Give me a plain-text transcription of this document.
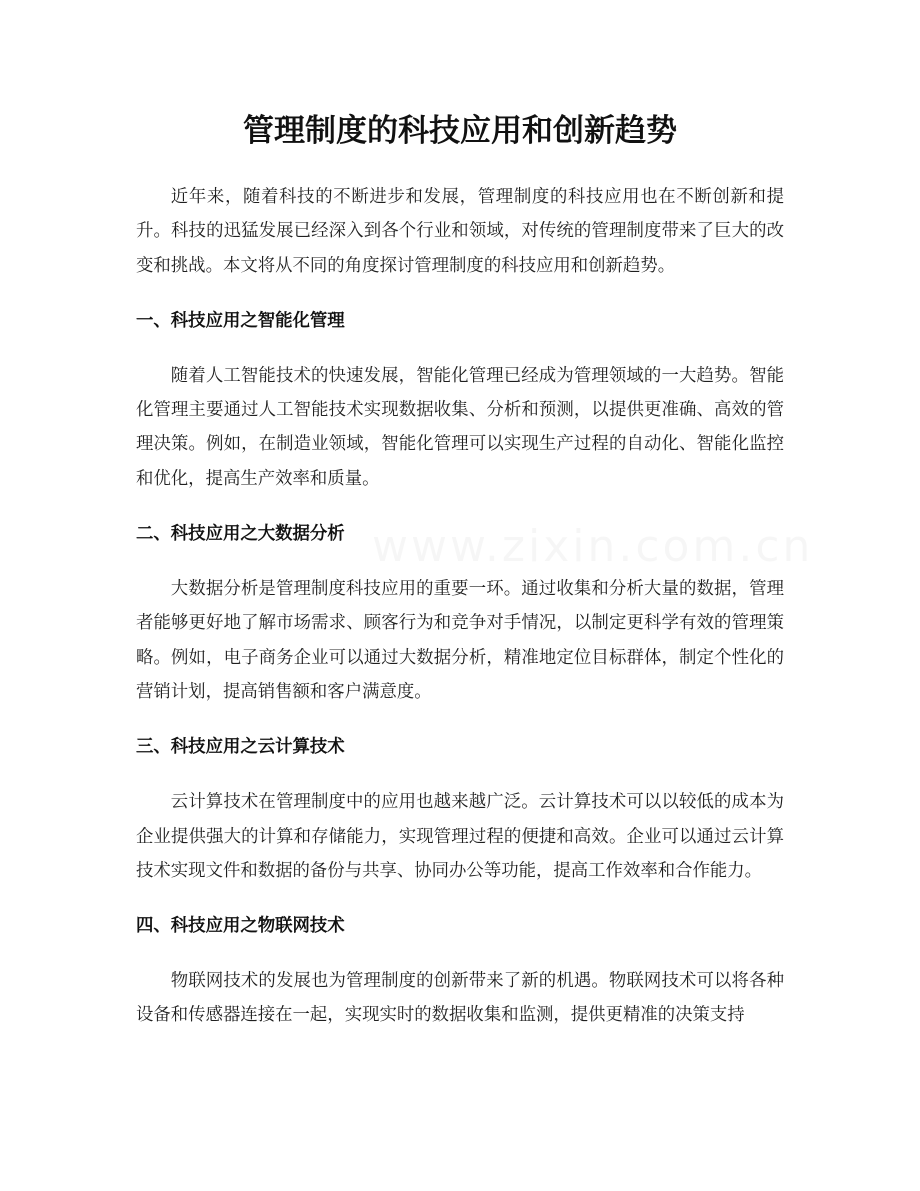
管理制度的科技应用和创新趋势

近年来，随着科技的不断进步和发展，管理制度的科技应用也在不断创新和提升。科技的迅猛发展已经深入到各个行业和领域，对传统的管理制度带来了巨大的改变和挑战。本文将从不同的角度探讨管理制度的科技应用和创新趋势。

一、科技应用之智能化管理

随着人工智能技术的快速发展，智能化管理已经成为管理领域的一大趋势。智能化管理主要通过人工智能技术实现数据收集、分析和预测，以提供更准确、高效的管理决策。例如，在制造业领域，智能化管理可以实现生产过程的自动化、智能化监控和优化，提高生产效率和质量。

二、科技应用之大数据分析

大数据分析是管理制度科技应用的重要一环。通过收集和分析大量的数据，管理者能够更好地了解市场需求、顾客行为和竞争对手情况，以制定更科学有效的管理策略。例如，电子商务企业可以通过大数据分析，精准地定位目标群体，制定个性化的营销计划，提高销售额和客户满意度。

三、科技应用之云计算技术

云计算技术在管理制度中的应用也越来越广泛。云计算技术可以以较低的成本为企业提供强大的计算和存储能力，实现管理过程的便捷和高效。企业可以通过云计算技术实现文件和数据的备份与共享、协同办公等功能，提高工作效率和合作能力。

四、科技应用之物联网技术

物联网技术的发展也为管理制度的创新带来了新的机遇。物联网技术可以将各种设备和传感器连接在一起，实现实时的数据收集和监测，提供更精准的决策支持
